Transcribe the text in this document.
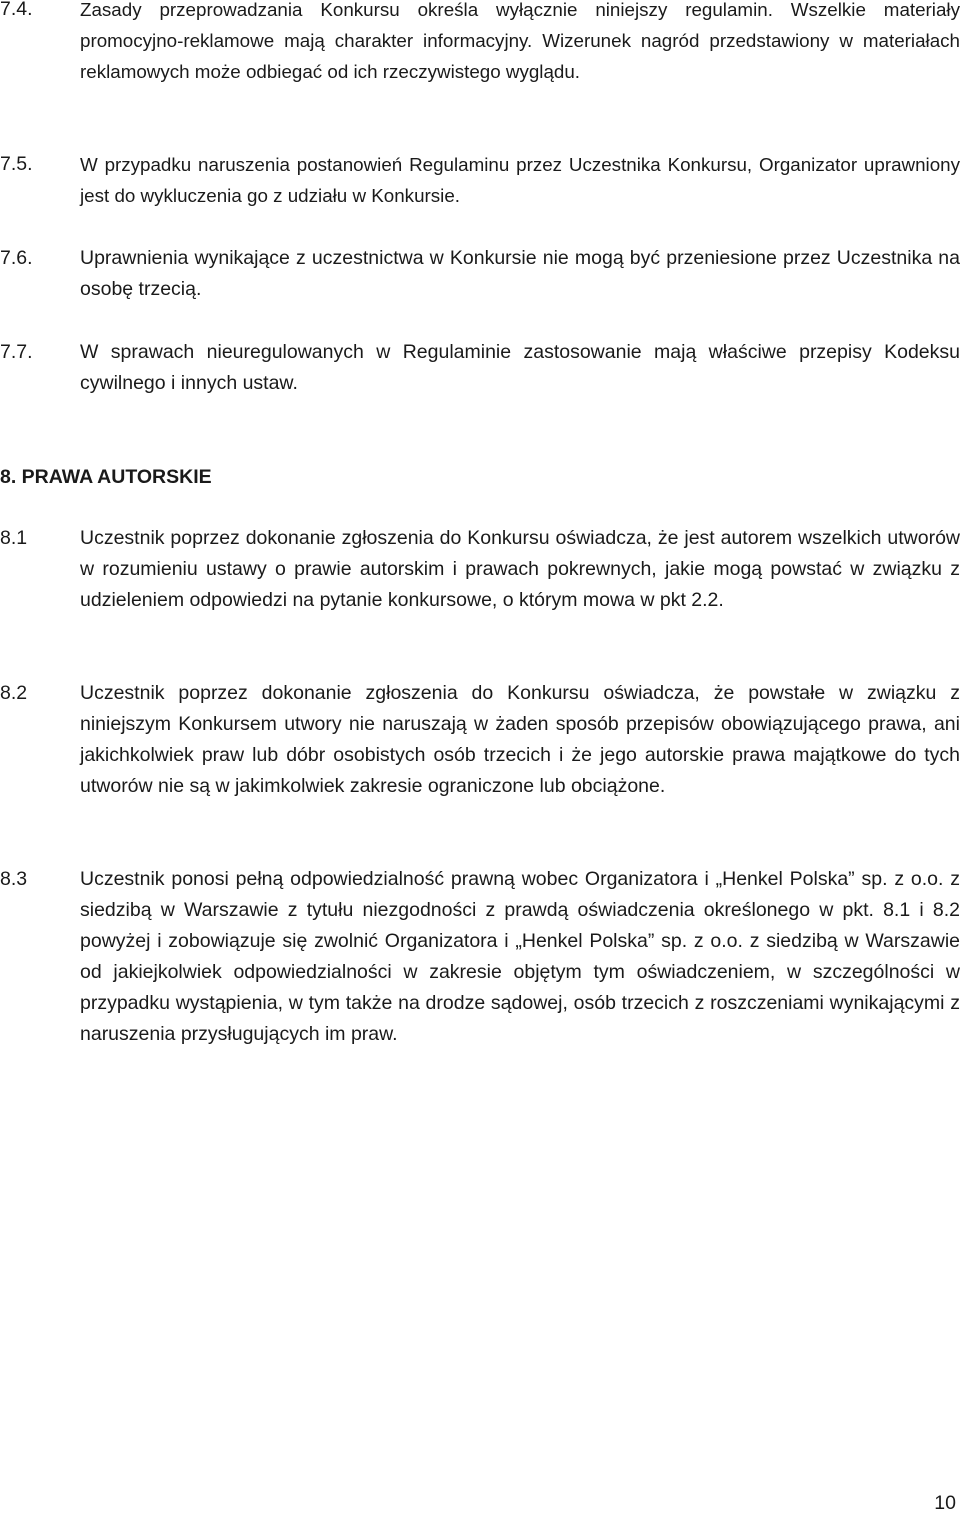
7.4.	Zasady przeprowadzania Konkursu określa wyłącznie niniejszy regulamin. Wszelkie materiały promocyjno-reklamowe mają charakter informacyjny. Wizerunek nagród przedstawiony w materiałach reklamowych może odbiegać od ich rzeczywistego wyglądu.
7.5.	W przypadku naruszenia postanowień Regulaminu przez Uczestnika Konkursu, Organizator uprawniony jest do wykluczenia go z udziału w Konkursie.
7.6. Uprawnienia wynikające z uczestnictwa w Konkursie nie mogą być przeniesione przez Uczestnika na osobę trzecią.
7.7. W sprawach nieuregulowanych w Regulaminie zastosowanie mają właściwe przepisy Kodeksu cywilnego i innych ustaw.
8. PRAWA AUTORSKIE
8.1	Uczestnik poprzez dokonanie zgłoszenia do Konkursu oświadcza, że jest autorem wszelkich utworów w rozumieniu ustawy o prawie autorskim i prawach pokrewnych, jakie mogą powstać w związku z udzieleniem odpowiedzi na pytanie konkursowe, o którym mowa w pkt 2.2.
8.2	Uczestnik poprzez dokonanie zgłoszenia do Konkursu oświadcza, że powstałe w związku z niniejszym Konkursem utwory nie naruszają w żaden sposób przepisów obowiązującego prawa, ani jakichkolwiek praw lub dóbr osobistych osób trzecich i że jego autorskie prawa majątkowe do tych utworów nie są w jakimkolwiek zakresie ograniczone lub obciążone.
8.3	Uczestnik ponosi pełną odpowiedzialność prawną wobec Organizatora i „Henkel Polska” sp. z o.o. z siedzibą w Warszawie z tytułu niezgodności z prawdą oświadczenia określonego w pkt. 8.1 i 8.2 powyżej i zobowiązuje się zwolnić Organizatora i „Henkel Polska” sp. z o.o. z siedzibą w Warszawie od jakiejkolwiek odpowiedzialności w zakresie objętym tym oświadczeniem, w szczególności w przypadku wystąpienia, w tym także na drodze sądowej, osób trzecich z roszczeniami wynikającymi z naruszenia przysługujących im praw.
10
